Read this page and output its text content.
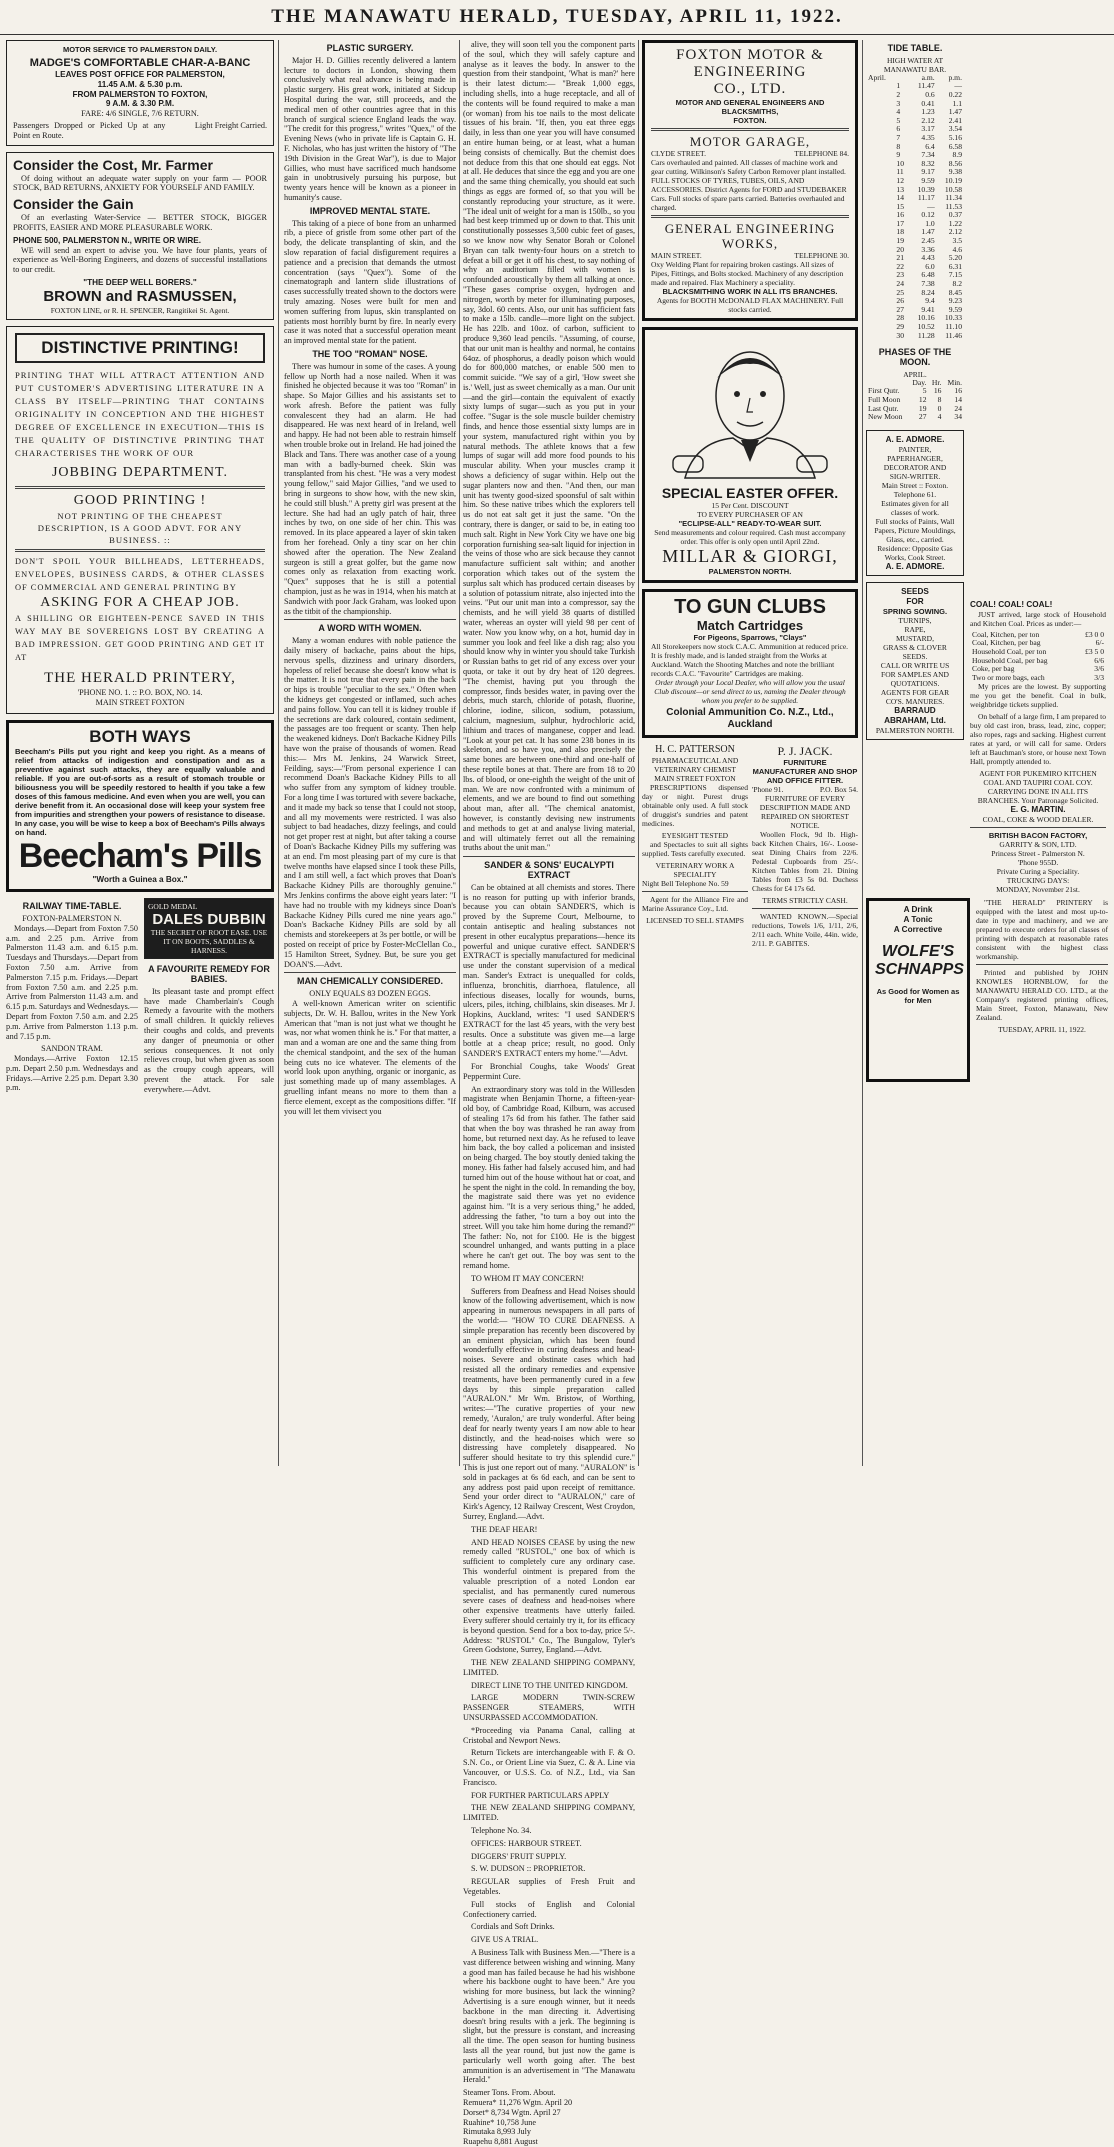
THE MANAWATU HERALD, TUESDAY, APRIL 11, 1922.
MOTOR SERVICE TO PALMERSTON DAILY.
MADGE'S COMFORTABLE CHAR-A-BANC
LEAVES POST OFFICE FOR PALMERSTON,
11.45 A.M. & 5.30 p.m.
FROM PALMERSTON TO FOXTON,
9 A.M. & 3.30 P.M.
FARE: 4/6 SINGLE, 7/6 RETURN.
Passengers Dropped or Picked Up at any Point en Route.
Light Freight Carried.
Consider the Cost, Mr. Farmer

Of doing without an adequate water supply on your farm — POOR STOCK, BAD RETURNS, ANXIETY FOR YOURSELF AND FAMILY.

Consider the Gain

Of an everlasting Water-Service — BETTER STOCK, BIGGER PROFITS, EASIER AND MORE PLEASURABLE WORK.

PHONE 500, PALMERSTON N., WRITE OR WIRE.

WE will send an expert to advise you. We have four plants, years of experience as Well-Boring Engineers, and dozens of successful installations to our credit.

"THE DEEP WELL BORERS."
BROWN and RASMUSSEN,
FOXTON LINE, or R. H. SPENCER, Rangitikei St. Agent.
DISTINCTIVE PRINTING!
PRINTING THAT WILL ATTRACT ATTENTION AND PUT CUSTOMER'S ADVERTISING LITERATURE IN A CLASS BY ITSELF—PRINTING THAT CONTAINS ORIGINALITY IN CONCEPTION AND THE HIGHEST DEGREE OF EXCELLENCE IN EXECUTION—THIS IS THE QUALITY OF DISTINCTIVE PRINTING THAT CHARACTERISES THE WORK OF OUR
JOBBING DEPARTMENT.
GOOD PRINTING !
NOT PRINTING OF THE CHEAPEST DESCRIPTION, IS A GOOD ADVT. FOR ANY BUSINESS. ::
DON'T SPOIL YOUR BILLHEADS, LETTERHEADS, ENVELOPES, BUSINESS CARDS, & OTHER CLASSES OF COMMERCIAL AND GENERAL PRINTING BY
ASKING FOR A CHEAP JOB.
A SHILLING OR EIGHTEEN-PENCE SAVED IN THIS WAY MAY BE SOVEREIGNS LOST BY CREATING A BAD IMPRESSION. GET GOOD PRINTING AND GET IT AT
THE HERALD PRINTERY,
'PHONE NO. 1. :: P.O. BOX, NO. 14.
MAIN STREET FOXTON
BOTH WAYS
Beecham's Pills put you right and keep you right. As a means of relief from attacks of indigestion and constipation and as a preventive against such attacks, they are equally valuable and reliable. If you are out-of-sorts as a result of stomach trouble or biliousness you will be speedily restored to health if you take a few doses of this famous medicine. And even when you are well, you can derive benefit from it. An occasional dose will keep your system free from impurities and strengthen your powers of resistance to disease. In any case, you will be wise to keep a box of Beecham's Pills always on hand.
Beecham's Pills
"Worth a Guinea a Box."
RAILWAY TIME-TABLE.
FOXTON-PALMERSTON N.

Mondays.—Depart from Foxton 7.50 a.m. and 2.25 p.m. Arrive from Palmerston 11.43 a.m. and 6.15 p.m. Tuesdays and Thursdays.—Depart from Foxton 7.50 a.m. Arrive from Palmerston 7.15 p.m. Fridays.—Depart from Foxton 7.50 a.m. and 2.25 p.m. Arrive from Palmerston 11.43 a.m. and 6.15 p.m. Saturdays and Wednesdays.—Depart from Foxton 7.50 a.m. and 2.25 p.m. Arrive from Palmerston 1.13 p.m. and 7.15 p.m.

SANDON TRAM.

Mondays.—Arrive Foxton 12.15 p.m. Depart 2.50 p.m. Wednesdays and Fridays.—Arrive 2.25 p.m. Depart 3.30 p.m.

GOLD MEDAL
DALES DUBBIN
THE SECRET OF ROOT EASE. USE IT ON BOOTS, SADDLES & HARNESS.
A FAVOURITE REMEDY FOR BABIES.

Its pleasant taste and prompt effect have made Chamberlain's Cough Remedy a favourite with the mothers of small children. It quickly relieves their coughs and colds, and prevents any danger of pneumonia or other serious consequences. It not only relieves croup, but when given as soon as the croupy cough appears, will prevent the attack. For sale everywhere.—Advt.

PLASTIC SURGERY.

Major H. D. Gillies recently delivered a lantern lecture to doctors in London, showing them conclusively what real advance is being made in plastic surgery. His great work, initiated at Sidcup Hospital during the war, still proceeds, and the medical men of other countries agree that in this branch of surgical science England leads the way. "The credit for this progress," writes "Quex," of the Evening News (who in private life is Captain G. H. F. Nicholas, who has just written the history of "The 19th Division in the Great War"), is due to Major Gillies, who must have sacrificed much handsome gain in unobtrusively pursuing his purpose, but twenty years hence will be known as a pioneer in humanity's cause.

IMPROVED MENTAL STATE.

This taking of a piece of bone from an unharmed rib, a piece of gristle from some other part of the body, the delicate transplanting of skin, and the slow reparation of facial disfigurement requires a patience and a precision that demands the utmost concentration (says "Quex"). Some of the cinematograph and lantern slide illustrations of cases successfully treated shown to the doctors were truly amazing. Noses were built for men and women suffering from lupus, skin transplanted on patients most horribly burnt by fire. In nearly every case it was noted that a successful operation meant an improved mental state for the patient.

THE TOO "ROMAN" NOSE.

There was humour in some of the cases. A young fellow up North had a nose nailed. When it was finished he objected because it was too "Roman" in shape. So Major Gillies and his assistants set to work afresh. Before the patient was fully convalescent they had an alarm. He had disappeared. He was next heard of in Ireland, well and happy. He had not been able to restrain himself when trouble broke out in Ireland. He had joined the Black and Tans. There was another case of a young man with a badly-burned cheek. Skin was transplanted from his chest. "He was a very modest young fellow," said Major Gillies, "and we used to bring in surgeons to show how, with the new skin, he could still blush." A pretty girl was present at the lecture. She had had an ugly patch of hair, three inches by two, on one side of her chin. This was removed. In its place appeared a layer of skin taken from her forehead. Only a tiny scar on her chin showed after the operation. The New Zealand surgeon is still a great golfer, but the game now comes only as relaxation from exacting work. "Quex" supposes that he is still a potential champion, just as he was in 1914, when his match at Sandwich with poor Jack Graham, was looked upon as the titbit of the championship.

A WORD WITH WOMEN.

Many a woman endures with noble patience the daily misery of backache, pains about the hips, nervous spells, dizziness and urinary disorders, hopeless of relief because she doesn't know what is the matter. It is not true that every pain in the back or hips is trouble "peculiar to the sex." Often when the kidneys get congested or inflamed, such aches and pains follow. You can tell it is kidney trouble if the secretions are dark coloured, contain sediment, the passages are too frequent or scanty. Then help the weakened kidneys. Don't Backache Kidney Pills have won the praise of thousands of women. Read this:— Mrs M. Jenkins, 24 Warwick Street, Feilding, says:—"From personal experience I can recommend Doan's Backache Kidney Pills to all who suffer from any symptom of kidney trouble. For a long time I was tortured with severe backache, and it made my back so tense that I could not stoop, and all my movements were restricted. I was also subject to bad headaches, dizzy feelings, and could not get proper rest at night, but after taking a course of Doan's Backache Kidney Pills my suffering was at an end. I'm most pleasing part of my cure is that twelve months have elapsed since I took these Pills, and I am still well, a fact which proves that Doan's Backache Kidney Pills are thoroughly genuine." Mrs Jenkins confirms the above eight years later: "I have had no trouble with my kidneys since Doan's Backache Kidney Pills cured me nine years ago." Doan's Backache Kidney Pills are sold by all chemists and storekeepers at 3s per bottle, or will be posted on receipt of price by Foster-McClellan Co., 15 Hamilton Street, Sydney. But, be sure you get DOAN'S.—Advt.

MAN CHEMICALLY CONSIDERED.
ONLY EQUALS 83 DOZEN EGGS.

A well-known American writer on scientific subjects, Dr. W. H. Ballou, writes in the New York American that "man is not just what we thought he was, nor what women think he is." For that matter, a man and a woman are one and the same thing from the chemical standpoint, and the sex of the human being cuts no ice whatever. The elements of the world look upon anything, organic or inorganic, as just something made up of many assemblages. A gruelling infant means no more to them than a fierce element, except as the compositions differ. "If you will let them vivisect you

alive, they will soon tell you the component parts of the soul, which they will safely capture and analyse as it leaves the body. In answer to the question from their standpoint, 'What is man?' here is their latest dictum:— "Break 1,000 eggs, including shells, into a huge receptacle, and all of the contents will be found required to make a man (or woman) from his toe nails to the most delicate tissues of his brain. "If, then, you eat three eggs daily, in less than one year you will have consumed an entire human being, or at least, what a human being consists of chemically. But the chemist does not deduce from this that one should eat eggs. Not at all. He deduces that since the egg and you are one and the same thing chemically, you should eat such things as eggs are formed of, so that you will be constantly reproducing your structure, as it were. "The ideal unit of weight for a man is 150lb., so you had best keep trimmed up or down to that. This unit constitutionally possesses 3,500 cubic feet of gases, so we know now why Senator Borah or Colonel Bryan can talk twenty-four hours on a stretch to defeat a bill or get it off his chest, to say nothing of why an auditorium filled with women is confounded acoustically by them all talking at once. "These gases comprise oxygen, hydrogen and nitrogen, worth by meter for illuminating purposes, say, 3dol. 60 cents. Also, our unit has sufficient fats to make a 15lb. candle—more light on the subject. He has 22lb. and 10oz. of carbon, sufficient to produce 9,360 lead pencils. "Assuming, of course, that our unit man is healthy and normal, he contains 64oz. of phosphorus, a deadly poison which would do for 800,000 matches, or enable 500 men to commit suicide. "We say of a girl, 'How sweet she is.' Well, just as sweet chemically as a man. Our unit—and the girl—contain the equivalent of exactly sixty lumps of sugar—such as you put in your coffee. "Sugar is the sole muscle builder chemistry finds, and hence those essential sixty lumps are in your system, manufactured right within you by natural methods. The athlete knows that a few lumps of sugar will add more food pounds to his muscular ability. When your muscles cramp it shows a deficiency of sugar within. Help out the sugar planters now and then. "And then, our man unit has twenty good-sized spoonsful of salt within him. So these native tribes which the explorers tell us do not eat salt get it just the same. "On the contrary, there is danger, or said to be, in eating too much salt. Right in New York City we have one big corporation furnishing sea-salt liquid for injection in the veins of those who are sick because they cannot manufacture sufficient salt within; and another corporation which takes out of the system the surplus salt which has produced certain diseases by a solution of potassium nitrate, also injected into the veins. "Put our unit man into a compressor, say the chemists, and he will yield 38 quarts of distilled water, whereas an oyster will yield 98 per cent of water. Now you know why, on a hot, humid day in summer you look and feel like a dish rag; also you should know why in winter you should take Turkish or Russian baths to get rid of any excess over your quota, or take it out by dry heat of 120 degrees. "The chemist, having put you through the compressor, finds besides water, in paving over the debris, much starch, chloride of potash, fluorine, chlorine, iodine, silicon, sodium, potassium, calcium, magnesium, sulphur, hydrochloric acid, lithium and traces of manganese, copper and lead. "Look at your pet cat. It has some 238 bones in its skeleton, and so have you, and also precisely the same bones are between one-third and one-half of these reptile bones at that. There are from 18 to 20 lbs. of blood, or one-eighth the weight of the unit of man. We are now confronted with a minimum of elements, and we are bound to find out something about man, after all. "The chemical anatomist, however, is constantly devising new instruments and methods to get at and analyse living material, and will ultimately ferret out all the remaining truths about the unit man."

SANDER & SONS' EUCALYPTI EXTRACT

Can be obtained at all chemists and stores. There is no reason for putting up with inferior brands, because you can obtain SANDER'S, which is proved by the Supreme Court, Melbourne, to contain antiseptic and healing substances not present in other eucalyptus preparations—hence its powerful and unique curative effect. SANDER'S EXTRACT is specially manufactured for medicinal use under the constant supervision of a medical man. Sander's Extract is unequalled for colds, influenza, bronchitis, diarrhoea, flatulence, all infectious diseases, locally for wounds, burns, ulcers, piles, itching, chilblains, skin diseases. Mr J. Hopkins, Auckland, writes: "I used SANDER'S EXTRACT for the last 45 years, with the very best results. Once a substitute was given me—a large bottle at a cheap price; result, no good. Only SANDER'S EXTRACT enters my home."—Advt.

For Bronchial Coughs, take Woods' Great Peppermint Cure.

An extraordinary story was told in the Willesden magistrate when Benjamin Thorne, a fifteen-year-old boy, of Cambridge Road, Kilburn, was accused of stealing 17s 6d from his father. The father said that when the boy was thrashed he ran away from home, but returned next day. As he refused to leave him back, the boy called a policeman and insisted on being charged. The boy stoutly denied taking the money. His father had falsely accused him, and had turned him out of the house without hat or coat, and he spent the night in the cold. In remanding the boy, the magistrate said there was yet no evidence against him. "It is a very serious thing," he added, addressing the father, "to turn a boy out into the street. Will you take him home during the remand?" The father: No, not for £100. He is the biggest scoundrel unhanged, and wants putting in a place where he can't get out. The boy was sent to the remand home.

TO WHOM IT MAY CONCERN!

Sufferers from Deafness and Head Noises should know of the following advertisement, which is now appearing in numerous newspapers in all parts of the world:— "HOW TO CURE DEAFNESS. A simple preparation has recently been discovered by an eminent physician, which has been found wonderfully effective in curing deafness and head-noises. Severe and obstinate cases which had resisted all the ordinary remedies and expensive treatments, have been permanently cured in a few days by this simple preparation called "AURALON." Mr Wm. Bristow, of Worthing, writes:—"The curative properties of your new remedy, 'Auralon,' are truly wonderful. After being deaf for nearly twenty years I am now able to hear distinctly, and the head-noises which were so distressing have completely disappeared. No sufferer should hesitate to try this splendid cure." This is just one report out of many. "AURALON" is sold in packages at 6s 6d each, and can be sent to any address post paid upon receipt of remittance. Send your order direct to "AURALON," care of Kirk's Agency, 12 Railway Crescent, West Croydon, Surrey, England.—Advt.

THE DEAF HEAR!

AND HEAD NOISES CEASE by using the new remedy called "RUSTOL," one box of which is sufficient to completely cure any ordinary case. This wonderful ointment is prepared from the valuable prescription of a noted London ear specialist, and has permanently cured numerous severe cases of deafness and head-noises where other expensive treatments have utterly failed. Every sufferer should certainly try it, for its efficacy is beyond question. Send for a box to-day, price 5/-. Address: "RUSTOL" Co., The Bungalow, Tyler's Green Godstone, Surrey, England.—Advt.

THE NEW ZEALAND SHIPPING COMPANY, LIMITED.

DIRECT LINE TO THE UNITED KINGDOM.

LARGE MODERN TWIN-SCREW PASSENGER STEAMERS, WITH UNSURPASSED ACCOMMODATION.

*Proceeding via Panama Canal, calling at Cristobal and Newport News.

Return Tickets are interchangeable with F. & O. S.N. Co., or Orient Line via Suez, C. & A. Line via Vancouver, or U.S.S. Co. of N.Z., Ltd., via San Francisco.

FOR FURTHER PARTICULARS APPLY

THE NEW ZEALAND SHIPPING COMPANY, LIMITED.

Telephone No. 34.

OFFICES: HARBOUR STREET.

DIGGERS' FRUIT SUPPLY.

S. W. DUDSON :: PROPRIETOR.

REGULAR supplies of Fresh Fruit and Vegetables.

Full stocks of English and Colonial Confectionery carried.

Cordials and Soft Drinks.

GIVE US A TRIAL.

A Business Talk with Business Men.—"There is a vast difference between wishing and winning. Many a good man has failed because he had his wishbone where his backbone ought to have been." Are you wishing for more business, but lack the winning? Advertising is a sure enough winner, but it needs backbone in the man directing it. Advertising doesn't bring results with a jerk. The beginning is slight, but the pressure is constant, and increasing all the time. The open season for hunting business lasts all the year round, but just now the game is particularly well worth going after. The best ammunition is an advertisement in "The Manawatu Herald."

Steamer Tons. From. About.
Remuera* 11,276 Wgtn. April 20
Dorset* 8,734 Wgtn. April 27
Ruahine* 10,758 June
Rimutaka 8,993 July
Ruapehu 8,881 August
FOXTON MOTOR &
ENGINEERING
CO., LTD.
MOTOR AND GENERAL ENGINEERS AND BLACKSMITHS,
FOXTON.
MOTOR GARAGE,
CLYDE STREET.	TELEPHONE 84.
Cars overhauled and painted. All classes of machine work and gear cutting. Wilkinson's Safety Carbon Remover plant installed. FULL STOCKS OF TYRES, TUBES, OILS, AND ACCESSORIES. District Agents for FORD and STUDEBAKER Cars. Full stocks of spare parts carried. Batteries overhauled and charged.
GENERAL ENGINEERING WORKS,
MAIN STREET.	TELEPHONE 30.
Oxy Welding Plant for repairing broken castings. All sizes of Pipes, Fittings, and Bolts stocked. Machinery of any description made and repaired. Flax Machinery a speciality.
BLACKSMITHING WORK IN ALL ITS BRANCHES.
Agents for BOOTH McDONALD FLAX MACHINERY. Full stocks carried.
SPECIAL EASTER OFFER.
15 Per Cent. DISCOUNT
TO EVERY PURCHASER OF AN
"ECLIPSE-ALL" READY-TO-WEAR SUIT.
Send measurements and colour required. Cash must accompany order. This offer is only open until April 22nd.
MILLAR & GIORGI,
PALMERSTON NORTH.
TO GUN CLUBS
Match Cartridges
For Pigeons, Sparrows, "Clays"
All Storekeepers now stock C.A.C. Ammunition at reduced price. It is freshly made, and is landed straight from the Works at Auckland. Watch the Shooting Matches and note the brilliant records C.A.C. "Favourite" Cartridges are making.
Order through your Local Dealer, who will allow you the usual Club discount—or send direct to us, naming the Dealer through whom you prefer to be supplied.
Colonial Ammunition Co. N.Z., Ltd., Auckland
H. C. PATTERSON
PHARMACEUTICAL AND VETERINARY CHEMIST
MAIN STREET FOXTON

PRESCRIPTIONS dispensed day or night. Purest drugs obtainable only used. A full stock of druggist's sundries and patent medicines.

EYESIGHT TESTED

and Spectacles to suit all sights supplied. Tests carefully executed.

VETERINARY WORK A SPECIALITY
Night Bell Telephone No. 59

Agent for the Alliance Fire and Marine Assurance Coy., Ltd.

LICENSED TO SELL STAMPS
P. J. JACK.
FURNITURE MANUFACTURER AND SHOP AND OFFICE FITTER.
'Phone 91.	P.O. Box 54.
FURNITURE OF EVERY DESCRIPTION MADE AND REPAIRED ON SHORTEST NOTICE.

Woollen Flock, 9d lb. High-back Kitchen Chairs, 16/-. Loose-seat Dining Chairs from 22/6. Pedestal Cupboards from 25/-. Kitchen Tables from 21. Dining Tables from £3 5s 0d. Duchess Chests for £4 17s 6d.

TERMS STRICTLY CASH.

WANTED KNOWN.—Special reductions, Towels 1/6, 1/11, 2/6, 2/11 each. White Voile, 44in. wide, 2/11. P. GABITES.

TIDE TABLE.
HIGH WATER AT MANAWATU BAR.
April.		a.m.	p.m.
	1	11.47	—
	2	0.6	0.22
	3	0.41	1.1
	4	1.23	1.47
	5	2.12	2.41
	6	3.17	3.54
	7	4.35	5.16
	8	6.4	6.58
	9	7.34	8.9
	10	8.32	8.56
	11	9.17	9.38
	12	9.59	10.19
	13	10.39	10.58
	14	11.17	11.34
	15	—	11.53
	16	0.12	0.37
	17	1.0	1.22
	18	1.47	2.12
	19	2.45	3.5
	20	3.36	4.6
	21	4.43	5.20
	22	6.0	6.31
	23	6.48	7.15
	24	7.38	8.2
	25	8.24	8.45
	26	9.4	9.23
	27	9.41	9.59
	28	10.16	10.33
	29	10.52	11.10
	30	11.28	11.46
PHASES OF THE MOON.
APRIL.
	Day.	Hr.	Min.
First Qutr.	5	16	16
Full Moon	12	8	14
Last Qutr.	19	0	24
New Moon	27	4	34
A. E. ADMORE.
PAINTER, PAPERHANGER, DECORATOR AND SIGN-WRITER.
Main Street :: Foxton.
Telephone 61.
Estimates given for all classes of work.
Full stocks of Paints, Wall Papers, Picture Mouldings, Glass, etc., carried.
Residence: Opposite Gas Works, Cook Street.
A. E. ADMORE.
SEEDS
FOR
SPRING SOWING.
TURNIPS,
RAPE,
MUSTARD,
GRASS & CLOVER SEEDS.
CALL OR WRITE US FOR SAMPLES AND QUOTATIONS.
AGENTS FOR GEAR CO'S. MANURES.
BARRAUD
ABRAHAM, Ltd.
PALMERSTON NORTH.
COAL! COAL! COAL!

JUST arrived, large stock of Household and Kitchen Coal. Prices as under:—

Coal, Kitchen, per ton	£3 0 0
Coal, Kitchen, per bag	6/-
Household Coal, per ton	£3 5 0
Household Coal, per bag	6/6
Coke, per bag	3/6
Two or more bags, each	3/3

My prices are the lowest. By supporting me you get the benefit. Coal in bulk, weighbridge tickets supplied.

On behalf of a large firm, I am prepared to buy old cast iron, brass, lead, zinc, copper; also ropes, rags and sacking. Highest current rates at yard, or will call for same. Orders left at Bauchman's store, or house next Town Hall, promptly attended to.

AGENT FOR PUKEMIRO KITCHEN COAL AND TAUPIRI COAL COY.
CARRYING DONE IN ALL ITS BRANCHES. Your Patronage Solicited.
E. G. MARTIN.
COAL, COKE & WOOD DEALER.
BRITISH BACON FACTORY,
GARRITY & SON, LTD.
Princess Street - Palmerston N.
'Phone 955D.
Private Curing a Speciality.
TRUCKING DAYS:
MONDAY, November 21st.
A Drink
A Tonic
A Corrective
WOLFE'S SCHNAPPS
As Good for Women as for Men

"THE HERALD" PRINTERY is equipped with the latest and most up-to-date in type and machinery, and we are prepared to execute orders for all classes of printing with despatch at reasonable rates consistent with the highest class workmanship.

Printed and published by JOHN KNOWLES HORNBLOW, for the MANAWATU HERALD CO. LTD., at the Company's registered printing offices, Main Street, Foxton, Manawatu, New Zealand.

TUESDAY, APRIL 11, 1922.
